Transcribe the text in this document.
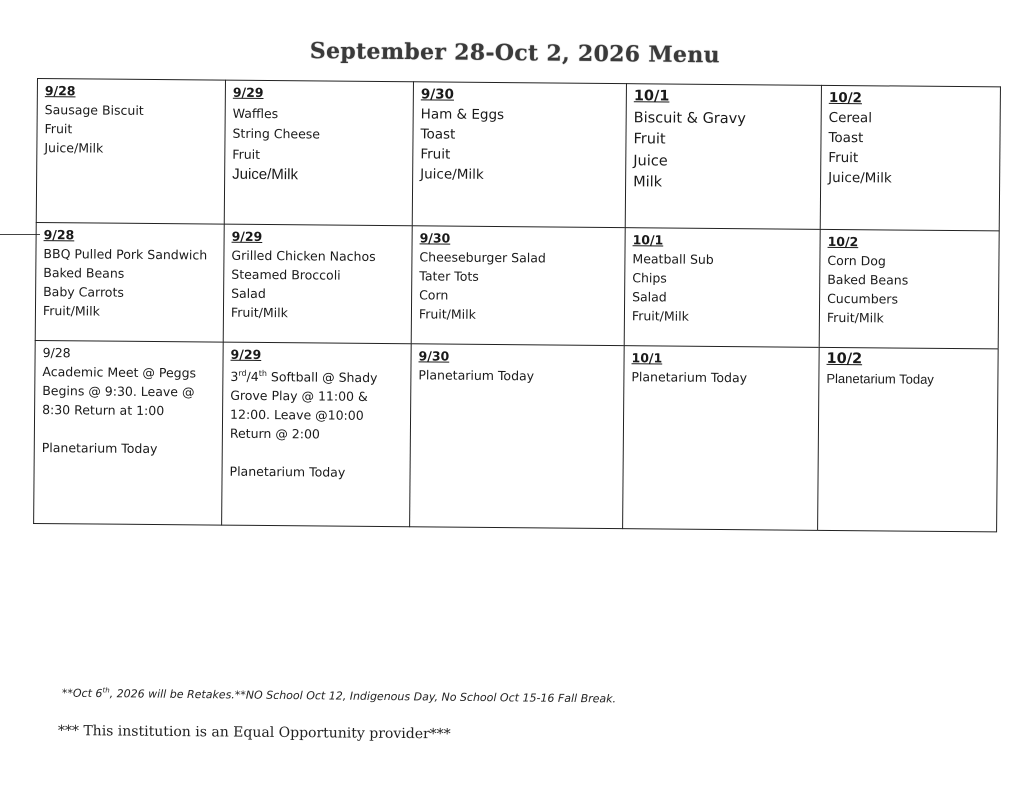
September 28-Oct 2, 2026 Menu
9/28
Sausage Biscuit
Fruit
Juice/Milk
9/29
Waffles
String Cheese
Fruit
Juice/Milk
9/30
Ham & Eggs
Toast
Fruit
Juice/Milk
10/1
Biscuit & Gravy
Fruit
Juice
Milk
10/2
Cereal
Toast
Fruit
Juice/Milk
9/28
BBQ Pulled Pork Sandwich
Baked Beans
Baby Carrots
Fruit/Milk
9/29
Grilled Chicken Nachos
Steamed Broccoli
Salad
Fruit/Milk
9/30
Cheeseburger Salad
Tater Tots
Corn
Fruit/Milk
10/1
Meatball Sub
Chips
Salad
Fruit/Milk
10/2
Corn Dog
Baked Beans
Cucumbers
Fruit/Milk
9/28
Academic Meet @ Peggs Begins @ 9:30. Leave @ 8:30 Return at 1:00
Planetarium Today
9/29
3rd/4th Softball @ Shady Grove Play @ 11:00 & 12:00. Leave @10:00 Return @ 2:00
Planetarium Today
9/30
Planetarium Today
10/1
Planetarium Today
10/2
Planetarium Today
**Oct 6th, 2026 will be Retakes.**NO School Oct 12, Indigenous Day, No School Oct 15-16 Fall Break.
*** This institution is an Equal Opportunity provider***
